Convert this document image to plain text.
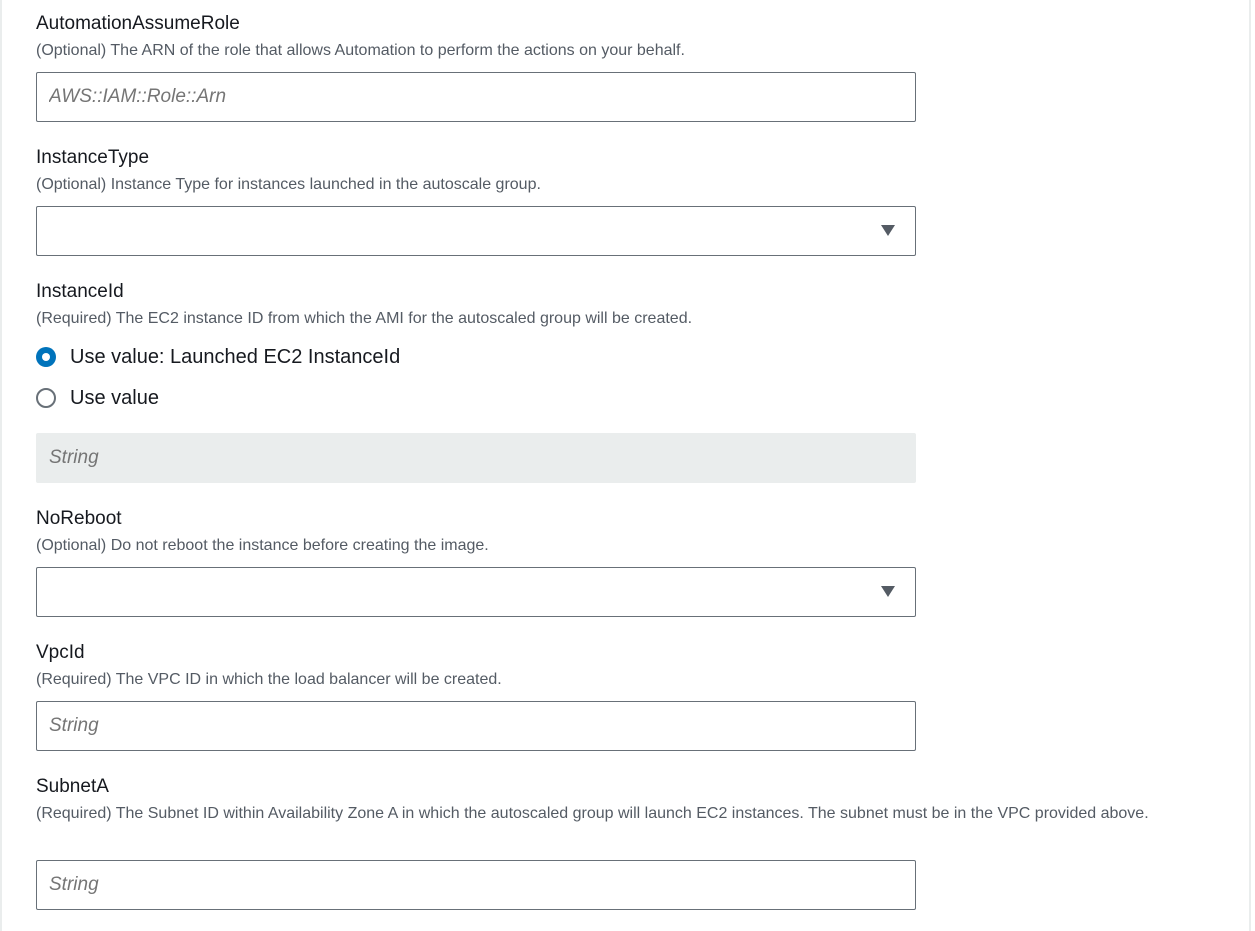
AutomationAssumeRole
(Optional) The ARN of the role that allows Automation to perform the actions on your behalf.
AWS::IAM::Role::Arn
InstanceType
(Optional) Instance Type for instances launched in the autoscale group.
InstanceId
(Required) The EC2 instance ID from which the AMI for the autoscaled group will be created.
Use value: Launched EC2 InstanceId
Use value
String
NoReboot
(Optional) Do not reboot the instance before creating the image.
VpcId
(Required) The VPC ID in which the load balancer will be created.
String
SubnetA
(Required) The Subnet ID within Availability Zone A in which the autoscaled group will launch EC2 instances. The subnet must be in the VPC provided above.
String
